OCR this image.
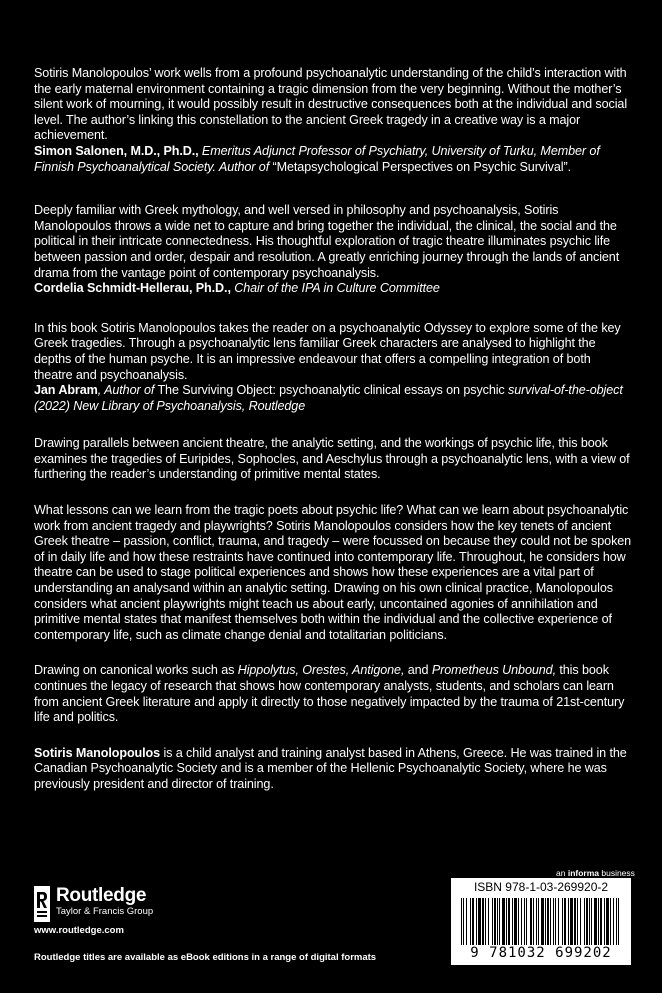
Sotiris Manolopoulos’ work wells from a profound psychoanalytic understanding of the child’s interaction with the early maternal environment containing a tragic dimension from the very beginning. Without the mother’s silent work of mourning, it would possibly result in destructive consequences both at the individual and social level. The author’s linking this constellation to the ancient Greek tragedy in a creative way is a major achievement.

Simon Salonen, M.D., Ph.D., Emeritus Adjunct Professor of Psychiatry, University of Turku, Member of Finnish Psychoanalytical Society. Author of “Metapsychological Perspectives on Psychic Survival”.

Deeply familiar with Greek mythology, and well versed in philosophy and psychoanalysis, Sotiris Manolopoulos throws a wide net to capture and bring together the individual, the clinical, the social and the political in their intricate connectedness. His thoughtful exploration of tragic theatre illuminates psychic life between passion and order, despair and resolution. A greatly enriching journey through the lands of ancient drama from the vantage point of contemporary psychoanalysis.

Cordelia Schmidt-Hellerau, Ph.D., Chair of the IPA in Culture Committee

In this book Sotiris Manolopoulos takes the reader on a psychoanalytic Odyssey to explore some of the key Greek tragedies. Through a psychoanalytic lens familiar Greek characters are analysed to highlight the depths of the human psyche. It is an impressive endeavour that offers a compelling integration of both theatre and psychoanalysis.

Jan Abram, Author of The Surviving Object: psychoanalytic clinical essays on psychic survival-of-the-object (2022) New Library of Psychoanalysis, Routledge

Drawing parallels between ancient theatre, the analytic setting, and the workings of psychic life, this book examines the tragedies of Euripides, Sophocles, and Aeschylus through a psychoanalytic lens, with a view of furthering the reader’s understanding of primitive mental states.

What lessons can we learn from the tragic poets about psychic life? What can we learn about psychoanalytic work from ancient tragedy and playwrights? Sotiris Manolopoulos considers how the key tenets of ancient Greek theatre – passion, conflict, trauma, and tragedy – were focussed on because they could not be spoken of in daily life and how these restraints have continued into contemporary life. Throughout, he considers how theatre can be used to stage political experiences and shows how these experiences are a vital part of understanding an analysand within an analytic setting. Drawing on his own clinical practice, Manolopoulos considers what ancient playwrights might teach us about early, uncontained agonies of annihilation and primitive mental states that manifest themselves both within the individual and the collective experience of contemporary life, such as climate change denial and totalitarian politicians.

Drawing on canonical works such as Hippolytus, Orestes, Antigone, and Prometheus Unbound, this book continues the legacy of research that shows how contemporary analysts, students, and scholars can learn from ancient Greek literature and apply it directly to those negatively impacted by the trauma of 21st-century life and politics.

Sotiris Manolopoulos is a child analyst and training analyst based in Athens, Greece. He was trained in the Canadian Psychoanalytic Society and is a member of the Hellenic Psychoanalytic Society, where he was previously president and director of training.

Routledge
Taylor & Francis Group
www.routledge.com
Routledge titles are available as eBook editions in a range of digital formats
an informa business
ISBN 978-1-03-269920-2
9 781032 699202
